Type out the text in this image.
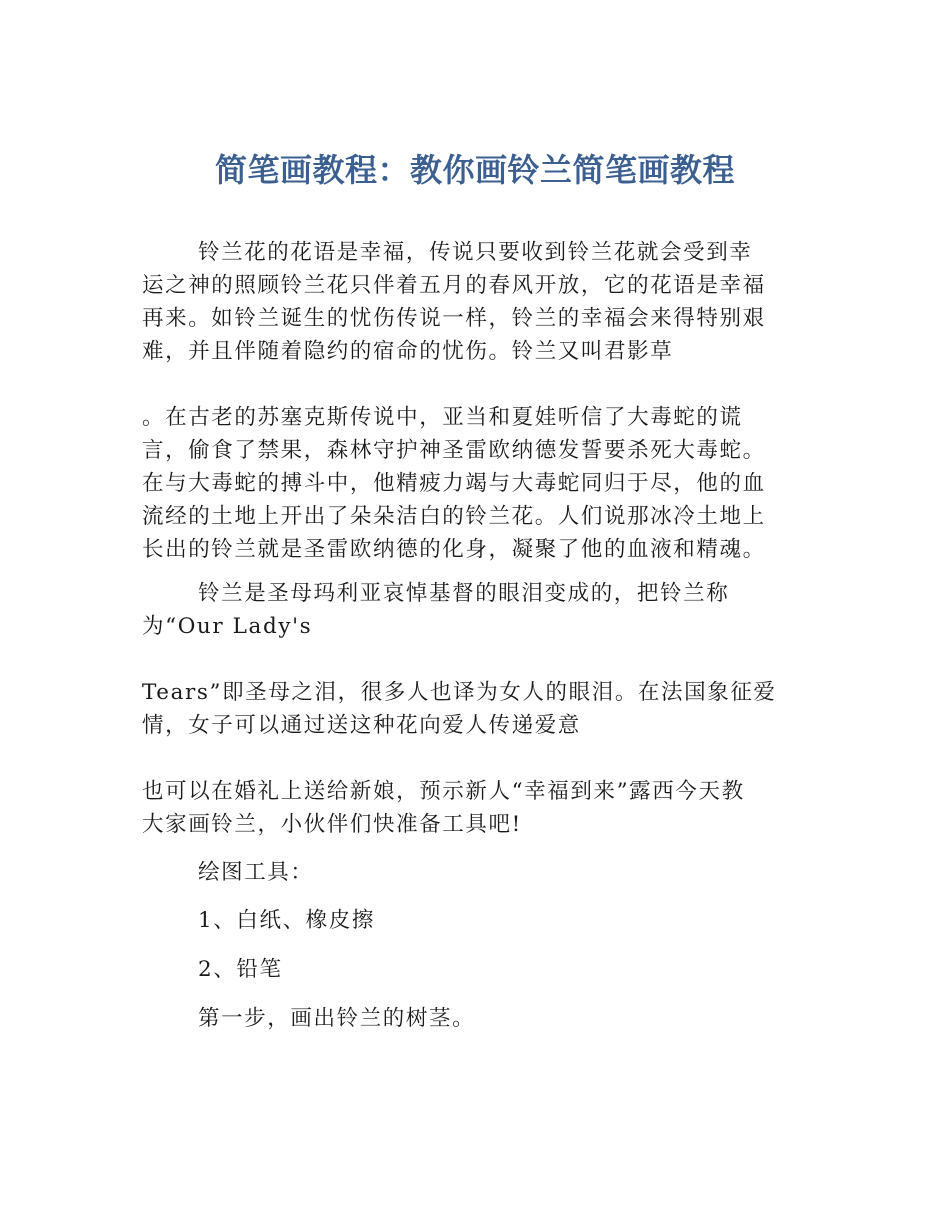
简笔画教程：教你画铃兰简笔画教程

铃兰花的花语是幸福，传说只要收到铃兰花就会受到幸
运之神的照顾铃兰花只伴着五月的春风开放，它的花语是幸福
再来。如铃兰诞生的忧伤传说一样，铃兰的幸福会来得特别艰
难，并且伴随着隐约的宿命的忧伤。铃兰又叫君影草

。在古老的苏塞克斯传说中，亚当和夏娃听信了大毒蛇的谎
言，偷食了禁果，森林守护神圣雷欧纳德发誓要杀死大毒蛇。
在与大毒蛇的搏斗中，他精疲力竭与大毒蛇同归于尽，他的血
流经的土地上开出了朵朵洁白的铃兰花。人们说那冰冷土地上
长出的铃兰就是圣雷欧纳德的化身，凝聚了他的血液和精魂。

铃兰是圣母玛利亚哀悼基督的眼泪变成的，把铃兰称
为“Our Lady's

Tears”即圣母之泪，很多人也译为女人的眼泪。在法国象征爱
情，女子可以通过送这种花向爱人传递爱意

也可以在婚礼上送给新娘，预示新人“幸福到来”露西今天教
大家画铃兰，小伙伴们快准备工具吧!

绘图工具：

1、白纸、橡皮擦

2、铅笔

第一步，画出铃兰的树茎。
